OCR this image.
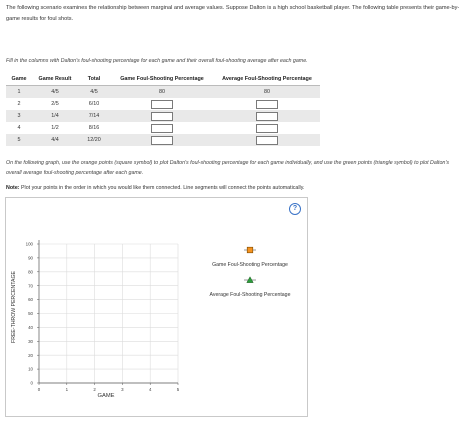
The following scenario examines the relationship between marginal and average values. Suppose Dalton is a high school basketball player. The following table presents their game-by-game results for foul shots.
Fill in the columns with Dalton's foul-shooting percentage for each game and their overall foul-shooting average after each game.
Game	Game Result	Total	Game Foul-Shooting Percentage	Average Foul-Shooting Percentage
1	4/5	4/5	80	80
2	2/5	6/10		
3	1/4	7/14		
4	1/2	8/16		
5	4/4	12/20		
On the following graph, use the orange points (square symbol) to plot Dalton's foul-shooting percentage for each game individually, and use the green points (triangle symbol) to plot Dalton's overall average foul-shooting percentage after each game.
Note: Plot your points in the order in which you would like them connected. Line segments will connect the points automatically.
?
0
10
20
30
40
50
60
70
80
90
100
0	1	2	3	4	5
FREE-THROW PERCENTAGE
GAME
Game Foul-Shooting Percentage
Average Foul-Shooting Percentage
